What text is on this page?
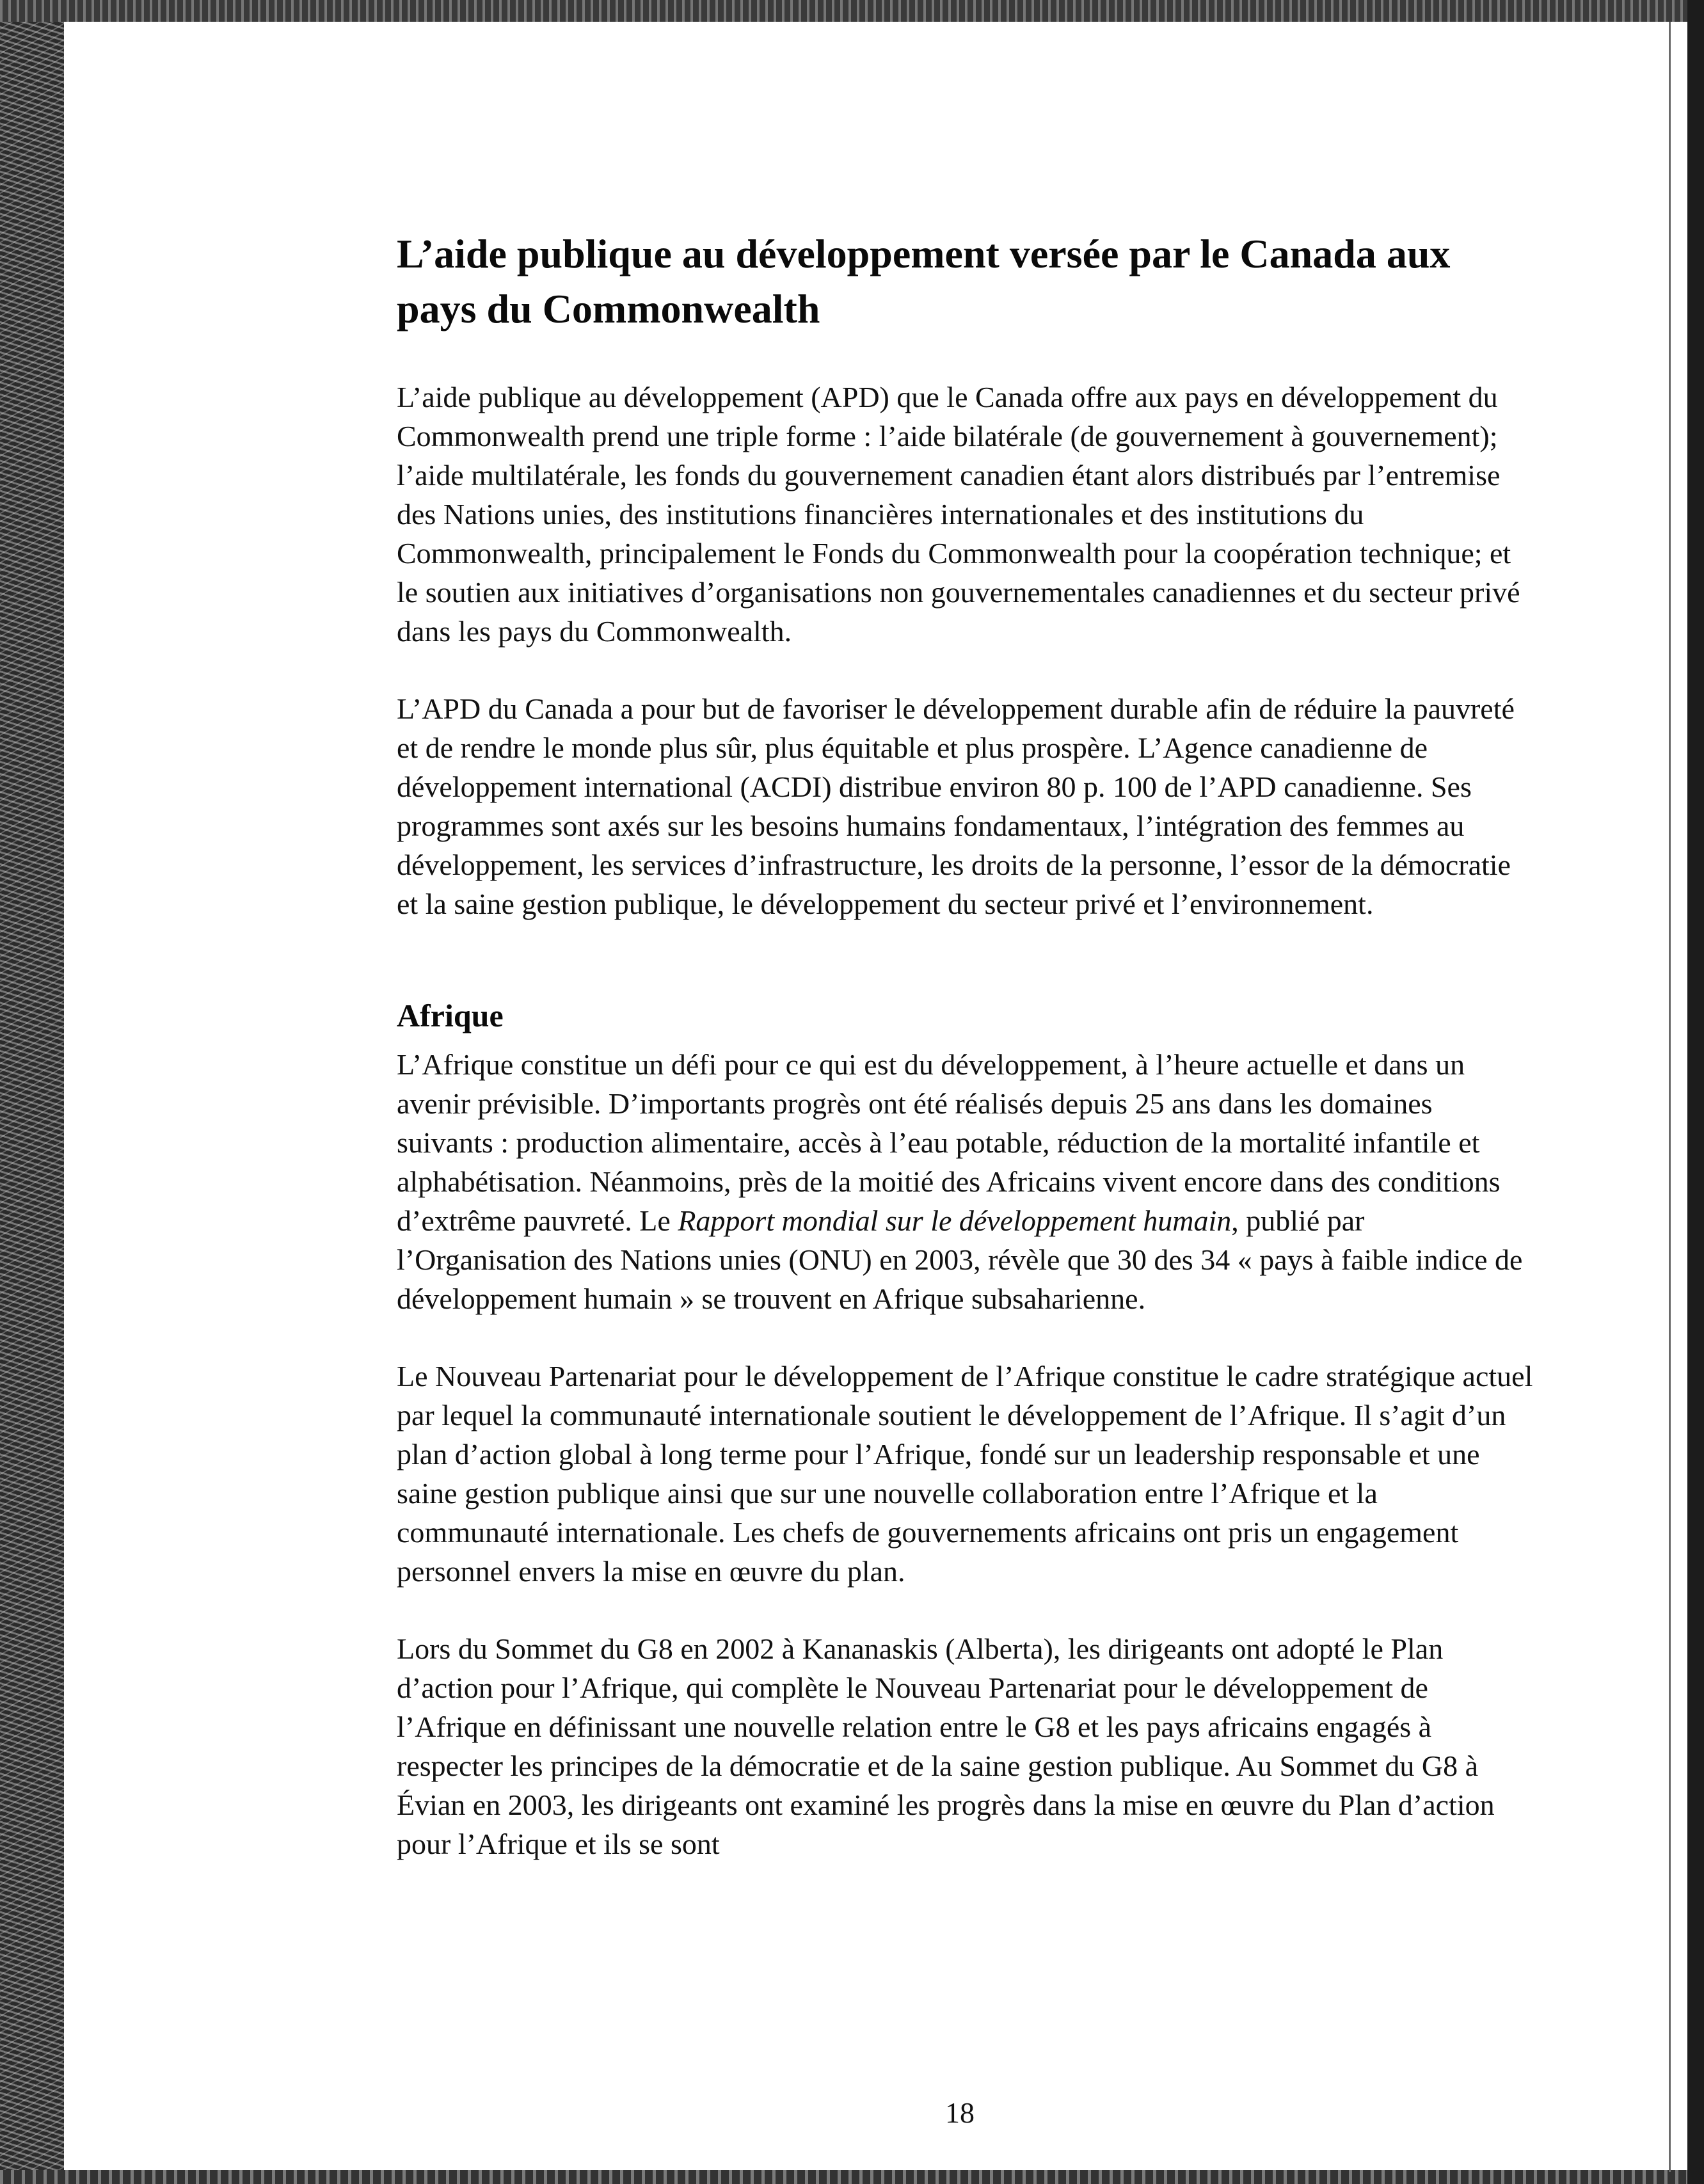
L’aide publique au développement versée par le Canada aux pays du Commonwealth

L’aide publique au développement (APD) que le Canada offre aux pays en développement du Commonwealth prend une triple forme : l’aide bilatérale (de gouvernement à gouvernement); l’aide multilatérale, les fonds du gouvernement canadien étant alors distribués par l’entremise des Nations unies, des institutions financières internationales et des institutions du Commonwealth, principalement le Fonds du Commonwealth pour la coopération technique; et le soutien aux initiatives d’organisations non gouvernementales canadiennes et du secteur privé dans les pays du Commonwealth.

L’APD du Canada a pour but de favoriser le développement durable afin de réduire la pauvreté et de rendre le monde plus sûr, plus équitable et plus prospère. L’Agence canadienne de développement international (ACDI) distribue environ 80 p. 100 de l’APD canadienne. Ses programmes sont axés sur les besoins humains fondamentaux, l’intégration des femmes au développement, les services d’infrastructure, les droits de la personne, l’essor de la démocratie et la saine gestion publique, le développement du secteur privé et l’environnement.

Afrique

L’Afrique constitue un défi pour ce qui est du développement, à l’heure actuelle et dans un avenir prévisible. D’importants progrès ont été réalisés depuis 25 ans dans les domaines suivants : production alimentaire, accès à l’eau potable, réduction de la mortalité infantile et alphabétisation. Néanmoins, près de la moitié des Africains vivent encore dans des conditions d’extrême pauvreté. Le Rapport mondial sur le développement humain, publié par l’Organisation des Nations unies (ONU) en 2003, révèle que 30 des 34 « pays à faible indice de développement humain » se trouvent en Afrique subsaharienne.

Le Nouveau Partenariat pour le développement de l’Afrique constitue le cadre stratégique actuel par lequel la communauté internationale soutient le développement de l’Afrique. Il s’agit d’un plan d’action global à long terme pour l’Afrique, fondé sur un leadership responsable et une saine gestion publique ainsi que sur une nouvelle collaboration entre l’Afrique et la communauté internationale. Les chefs de gouvernements africains ont pris un engagement personnel envers la mise en œuvre du plan.

Lors du Sommet du G8 en 2002 à Kananaskis (Alberta), les dirigeants ont adopté le Plan d’action pour l’Afrique, qui complète le Nouveau Partenariat pour le développement de l’Afrique en définissant une nouvelle relation entre le G8 et les pays africains engagés à respecter les principes de la démocratie et de la saine gestion publique. Au Sommet du G8 à Évian en 2003, les dirigeants ont examiné les progrès dans la mise en œuvre du Plan d’action pour l’Afrique et ils se sont

18
